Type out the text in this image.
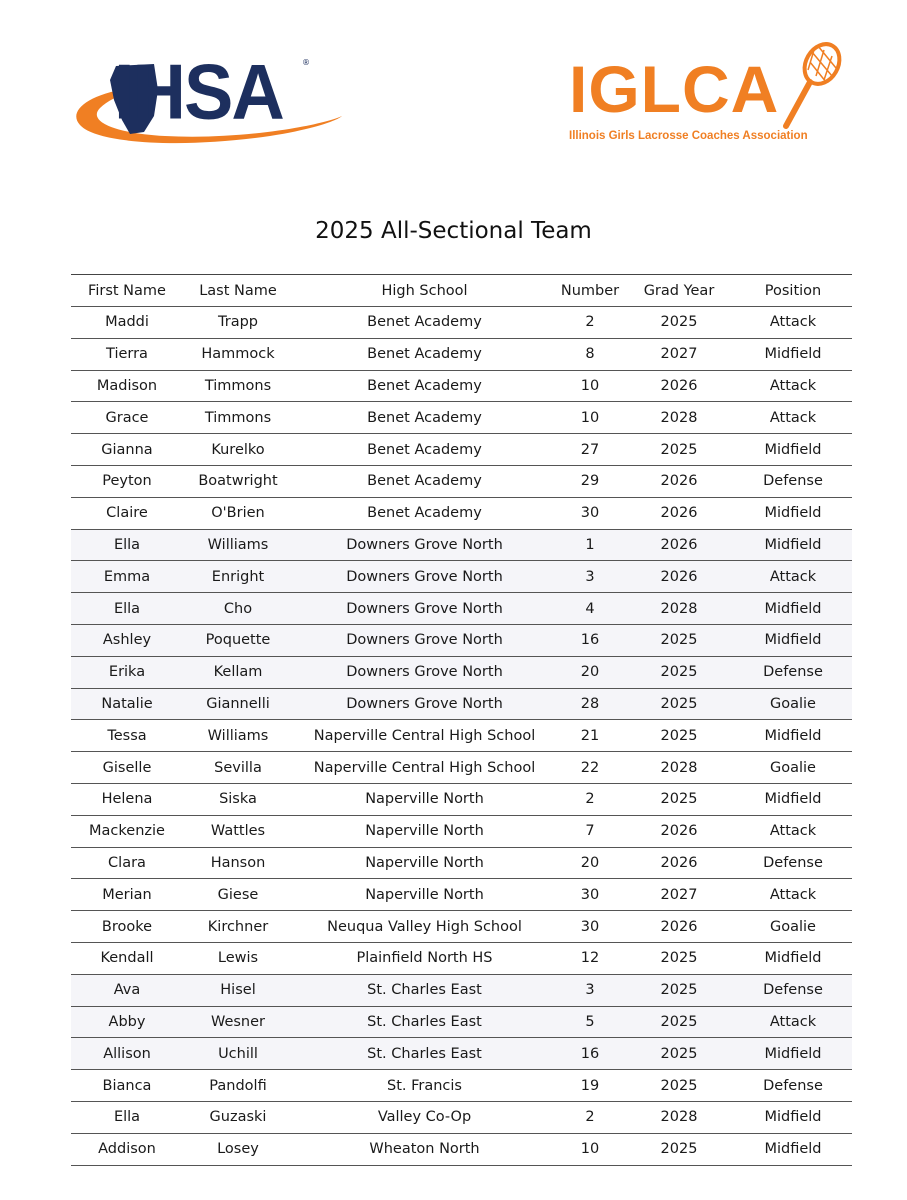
IHSA ®	IGLCA
Illinois Girls Lacrosse Coaches Association
2025 All-Sectional Team
First Name	Last Name	High School	Number	Grad Year	Position
Maddi	Trapp	Benet Academy	2	2025	Attack
Tierra	Hammock	Benet Academy	8	2027	Midfield
Madison	Timmons	Benet Academy	10	2026	Attack
Grace	Timmons	Benet Academy	10	2028	Attack
Gianna	Kurelko	Benet Academy	27	2025	Midfield
Peyton	Boatwright	Benet Academy	29	2026	Defense
Claire	O'Brien	Benet Academy	30	2026	Midfield
Ella	Williams	Downers Grove North	1	2026	Midfield
Emma	Enright	Downers Grove North	3	2026	Attack
Ella	Cho	Downers Grove North	4	2028	Midfield
Ashley	Poquette	Downers Grove North	16	2025	Midfield
Erika	Kellam	Downers Grove North	20	2025	Defense
Natalie	Giannelli	Downers Grove North	28	2025	Goalie
Tessa	Williams	Naperville Central High School	21	2025	Midfield
Giselle	Sevilla	Naperville Central High School	22	2028	Goalie
Helena	Siska	Naperville North	2	2025	Midfield
Mackenzie	Wattles	Naperville North	7	2026	Attack
Clara	Hanson	Naperville North	20	2026	Defense
Merian	Giese	Naperville North	30	2027	Attack
Brooke	Kirchner	Neuqua Valley High School	30	2026	Goalie
Kendall	Lewis	Plainfield North HS	12	2025	Midfield
Ava	Hisel	St. Charles East	3	2025	Defense
Abby	Wesner	St. Charles East	5	2025	Attack
Allison	Uchill	St. Charles East	16	2025	Midfield
Bianca	Pandolfi	St. Francis	19	2025	Defense
Ella	Guzaski	Valley Co-Op	2	2028	Midfield
Addison	Losey	Wheaton North	10	2025	Midfield
